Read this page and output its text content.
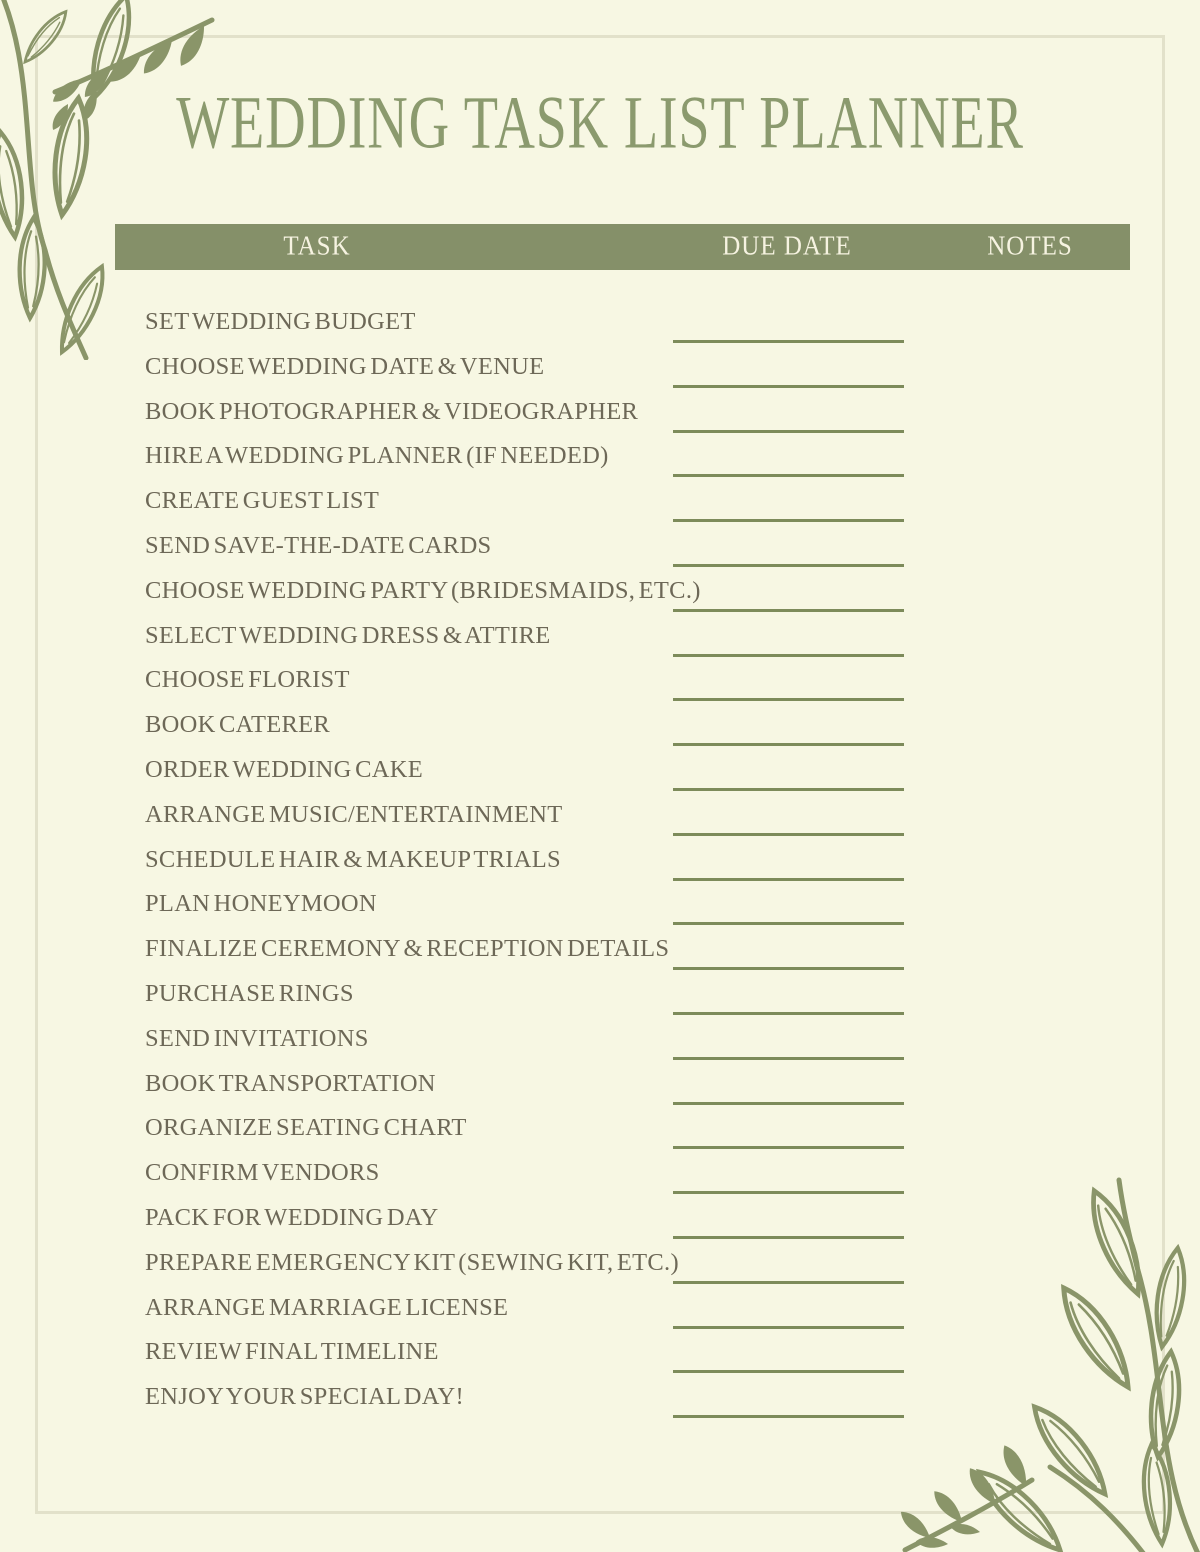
WEDDING TASK LIST PLANNER
TASK	DUE DATE	NOTES
SET WEDDING BUDGET
CHOOSE WEDDING DATE & VENUE
BOOK PHOTOGRAPHER & VIDEOGRAPHER
HIRE A WEDDING PLANNER (IF NEEDED)
CREATE GUEST LIST
SEND SAVE-THE-DATE CARDS
CHOOSE WEDDING PARTY (BRIDESMAIDS, ETC.)
SELECT WEDDING DRESS & ATTIRE
CHOOSE FLORIST
BOOK CATERER
ORDER WEDDING CAKE
ARRANGE MUSIC/ENTERTAINMENT
SCHEDULE HAIR & MAKEUP TRIALS
PLAN HONEYMOON
FINALIZE CEREMONY & RECEPTION DETAILS
PURCHASE RINGS
SEND INVITATIONS
BOOK TRANSPORTATION
ORGANIZE SEATING CHART
CONFIRM VENDORS
PACK FOR WEDDING DAY
PREPARE EMERGENCY KIT (SEWING KIT, ETC.)
ARRANGE MARRIAGE LICENSE
REVIEW FINAL TIMELINE
ENJOY YOUR SPECIAL DAY!
